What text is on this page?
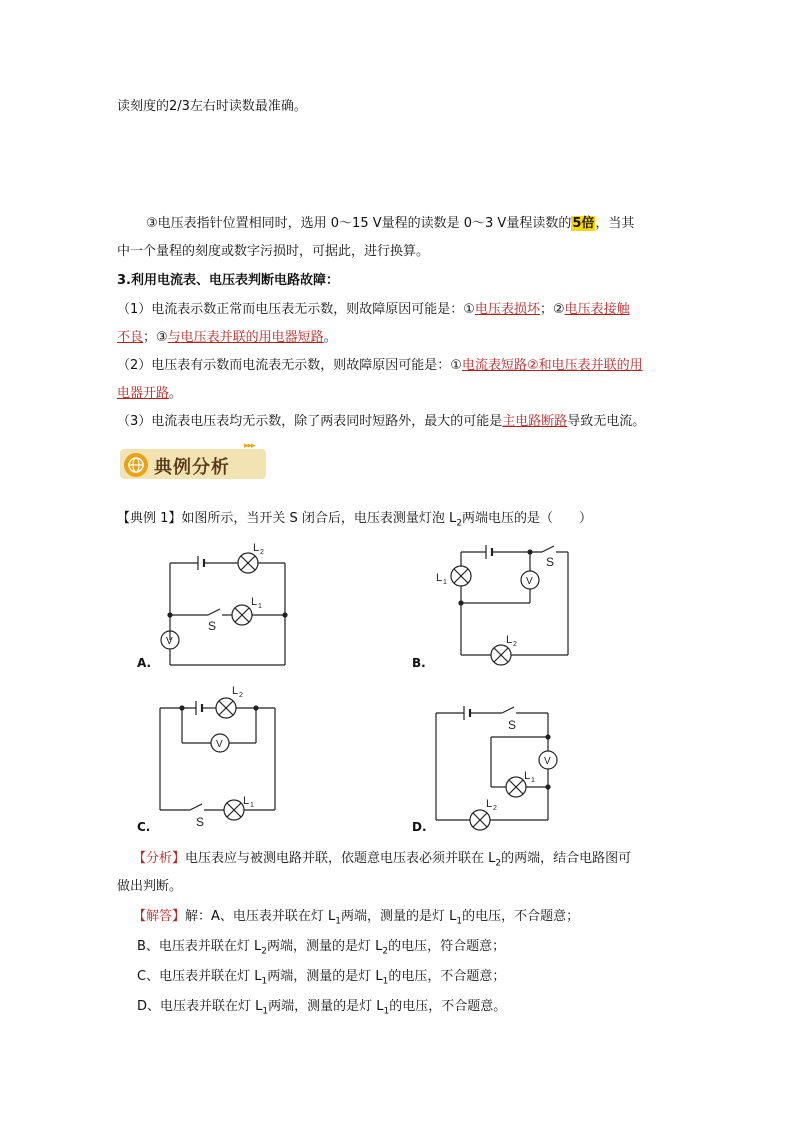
读刻度的2/3左右时读数最准确。
③电压表指针位置相同时，选用 0～15 V量程的读数是 0～3 V量程读数的5倍，当其
中一个量程的刻度或数字污损时，可据此，进行换算。
3.利用电流表、电压表判断电路故障：
（1）电流表示数正常而电压表无示数，则故障原因可能是：①电压表损坏；②电压表接触
不良；③与电压表并联的用电器短路。
（2）电压表有示数而电流表无示数，则故障原因可能是：①电流表短路②和电压表并联的用
电器开路。
（3）电流表电压表均无示数，除了两表同时短路外，最大的可能是主电路断路导致无电流。
典例分析
▸▸▸
【典例 1】如图所示，当开关 S 闭合后，电压表测量灯泡 $L_2$两端电压的是（　　）
V
L 2
L 1
S
A.
V
L 1
L 2
S
B.
V
L 2
L 1
S
C.
V
L 1
L 2
S
D.
【分析】电压表应与被测电路并联，依题意电压表必须并联在 $L_2$的两端，结合电路图可
做出判断。
【解答】解：A、电压表并联在灯 $L_1$两端，测量的是灯 $L_1$的电压，不合题意；
B、电压表并联在灯 $L_2$两端，测量的是灯 $L_2$的电压，符合题意；
C、电压表并联在灯 $L_1$两端，测量的是灯 $L_1$的电压，不合题意；
D、电压表并联在灯 $L_1$两端，测量的是灯 $L_1$的电压，不合题意。
